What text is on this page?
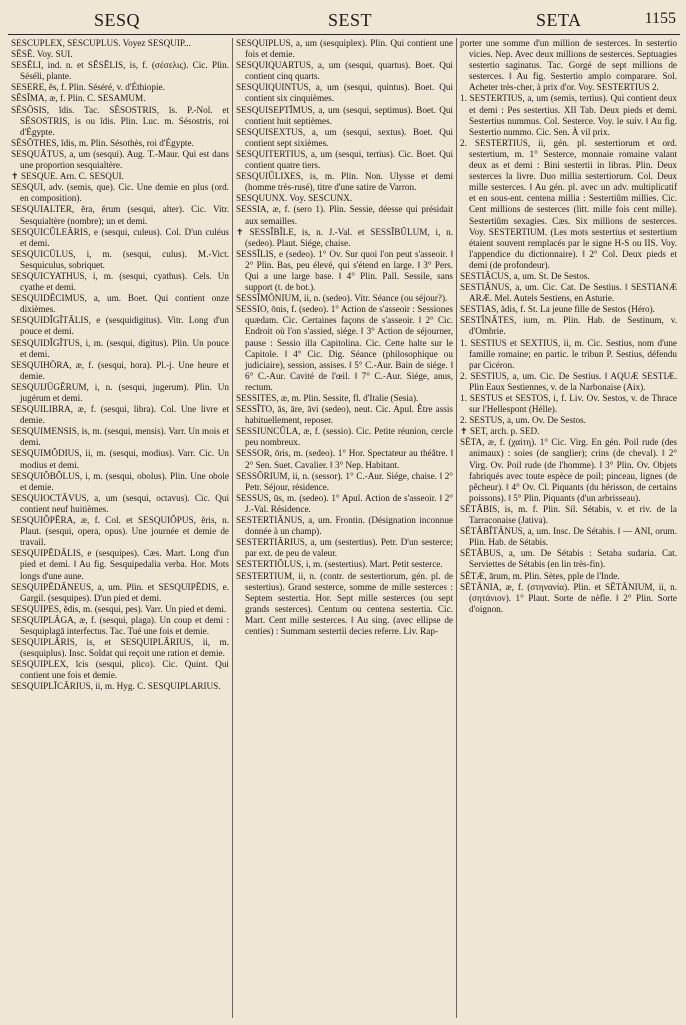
SESQ	SEST	SETA	1155

SESCUPLEX, SESCUPLUS. Voyez SESQUIP...

SĒSĔ. Voy. SUI.

SESĔLI, ind. n. et SĔSĔLIS, is, f. (σέσελις). Cic. Plin. Séséli, plante.

SESERE, ĕs, f. Plin. Séséré, v. d'Éthiopie.

SĒSĬMA, æ, f. Plin. C. SESAMUM.

SĒSŌSIS, ĭdis. Tac. SĒSOSTRIS, ĭs. P.-Nol. et SĒSOSTRIS, is ou ĭdis. Plin. Luc. m. Sésostris, roi d'Égypte.

SĒSŌTHES, ĭdis, m. Plin. Sésothès, roi d'Égypte.

SESQUĀTUS, a, um (sesqui). Aug. T.-Maur. Qui est dans une proportion sesquialtère.

✝ SESQUE. Arn. C. SESQUI.

SESQUI, adv. (semis, que). Cic. Une demie en plus (ord. en composition).

SESQUIALTER, ĕra, ĕrum (sesqui, alter). Cic. Vitr. Sesquialtère (nombre); un et demi.

SESQUICŬLEĀRIS, e (sesqui, culeus). Col. D'un culéus et demi.

SESQUICŪLUS, i, m. (sesqui, culus). M.-Vict. Sesquiculus, sobriquet.

SESQUICYATHUS, i, m. (sesqui, cyathus). Cels. Un cyathe et demi.

SESQUIDĔCIMUS, a, um. Boet. Qui contient onze dixièmes.

SESQUIDĬGĬTĀLIS, e (sesquidigitus). Vitr. Long d'un pouce et demi.

SESQUIDĬGĬTUS, i, m. (sesqui, digitus). Plin. Un pouce et demi.

SESQUIHŌRA, æ, f. (sesqui, hora). Pl.-j. Une heure et demie.

SESQUIJŪGĔRUM, i, n. (sesqui, jugerum). Plin. Un jugérum et demi.

SESQUILIBRA, æ, f. (sesqui, libra). Col. Une livre et demie.

SESQUIMENSIS, is, m. (sesqui, mensis). Varr. Un mois et demi.

SESQUIMŎDIUS, ii, m. (sesqui, modius). Varr. Cic. Un modius et demi.

SESQUIŎBŎLUS, i, m. (sesqui, obolus). Plin. Une obole et demie.

SESQUIOCTĀVUS, a, um (sesqui, octavus). Cic. Qui contient neuf huitièmes.

SESQUIŎPĔRA, æ, f. Col. et SESQUIŎPUS, ĕris, n. Plaut. (sesqui, opera, opus). Une journée et demie de travail.

SESQUIPĔDĀLIS, e (sesquipes). Cæs. Mart. Long d'un pied et demi. ‖ Au fig. Sesquipedalia verba. Hor. Mots longs d'une aune.

SESQUIPĔDĀNEUS, a, um. Plin. et SESQUIPĔDIS, e. Gargil. (sesquipes). D'un pied et demi.

SESQUIPES, ĕdis, m. (sesqui, pes). Varr. Un pied et demi.

SESQUIPLĀGA, æ, f. (sesqui, plaga). Un coup et demi : Sesquiplagā interfectus. Tac. Tué une fois et demie.

SESQUIPLĀRIS, is, et SESQUIPLĀRIUS, ii, m. (sesquiplus). Insc. Soldat qui reçoit une ration et demie.

SESQUIPLEX, ĭcis (sesqui, plico). Cic. Quint. Qui contient une fois et demie.

SESQUIPLĬCĀRIUS, ii, m. Hyg. C. SESQUIPLARIUS.

SESQUIPLUS, a, um (sesquiplex). Plin. Qui contient une fois et demie.

SESQUIQUARTUS, a, um (sesqui, quartus). Boet. Qui contient cinq quarts.

SESQUIQUINTUS, a, um (sesqui, quintus). Boet. Qui contient six cinquièmes.

SESQUISEPTĬMUS, a, um (sesqui, septimus). Boet. Qui contient huit septièmes.

SESQUISEXTUS, a, um (sesqui, sextus). Boet. Qui contient sept sixièmes.

SESQUITERTIUS, a, um (sesqui, tertius). Cic. Boet. Qui contient quatre tiers.

SESQUIŬLIXES, is, m. Plin. Non. Ulysse et demi (homme très-rusé), titre d'une satire de Varron.

SESQUUNX. Voy. SESCUNX.

SESSIA, æ, f. (sero 1). Plin. Sessie, déesse qui présidait aux semailles.

✝ SESSĬBĬLE, is, n. J.-Val. et SESSĬBŬLUM, i, n. (sedeo). Plaut. Siége, chaise.

SESSĬLIS, e (sedeo). 1° Ov. Sur quoi l'on peut s'asseoir. ‖ 2° Plin. Bas, peu élevé, qui s'étend en large. ‖ 3° Pers. Qui a une large base. ‖ 4° Plin. Pall. Sessile, sans support (t. de bot.).

SESSĬMŌNIUM, ii, n. (sedeo). Vitr. Séance (ou séjour?).

SESSIO, ōnis, f. (sedeo). 1° Action de s'asseoir : Sessiones quædam. Cic. Certaines façons de s'asseoir. ‖ 2° Cic. Endroit où l'on s'assied, siége. ‖ 3° Action de séjourner, pause : Sessio illa Capitolina. Cic. Cette halte sur le Capitole. ‖ 4° Cic. Dig. Séance (philosophique ou judiciaire), session, assises. ‖ 5° C.-Aur. Bain de siége. ‖ 6° C.-Aur. Cavité de l'œil. ‖ 7° C.-Aur. Siége, anus, rectum.

SESSITES, æ, m. Plin. Sessite, fl. d'Italie (Sesia).

SESSĬTO, ās, āre, āvi (sedeo), neut. Cic. Apul. Être assis habituellement, reposer.

SESSIUNCŬLA, æ, f. (sessio). Cic. Petite réunion, cercle peu nombreux.

SESSOR, ōris, m. (sedeo). 1° Hor. Spectateur au théâtre. ‖ 2° Sen. Suet. Cavalier. ‖ 3° Nep. Habitant.

SESSŌRIUM, ii, n. (sessor). 1° C.-Aur. Siége, chaise. ‖ 2° Petr. Séjour, résidence.

SESSUS, ūs, m. (sedeo). 1° Apul. Action de s'asseoir. ‖ 2° J.-Val. Résidence.

SESTERTIĀNUS, a, um. Frontin. (Désignation inconnue donnée à un champ).

SESTERTIĀRIUS, a, um (sestertius). Petr. D'un sesterce; par ext. de peu de valeur.

SESTERTIŎLUS, i, m. (sestertius). Mart. Petit sesterce.

SESTERTIUM, ii, n. (contr. de sestertiorum, gén. pl. de sestertius). Grand sesterce, somme de mille sesterces : Septem sestertia. Hor. Sept mille sesterces (ou sept grands sesterces). Centum ou centena sestertia. Cic. Mart. Cent mille sesterces. ‖ Au sing. (avec ellipse de centies) : Summam sestertii decies referre. Liv. Rap-

porter une somme d'un million de sesterces. In sestertio vicies. Nep. Avec deux millions de sesterces. Septuagies sestertio saginatus. Tac. Gorgé de sept millions de sesterces. ‖ Au fig. Sestertio amplo comparare. Sol. Acheter très-cher, à prix d'or. Voy. SESTERTIUS 2.

1. SESTERTIUS, a, um (semis, tertius). Qui contient deux et demi : Pes sestertius. XII Tab. Deux pieds et demi. Sestertius nummus. Col. Sesterce. Voy. le suiv. ‖ Au fig. Sestertio nummo. Cic. Sen. À vil prix.

2. SESTERTIUS, ii, gén. pl. sestertiorum et ord. sestertium, m. 1° Sesterce, monnaie romaine valant deux as et demi : Bini sestertii in libras. Plin. Deux sesterces la livre. Duo millia sestertiorum. Col. Deux mille sesterces. ‖ Au gén. pl. avec un adv. multiplicatif et en sous-ent. centena millia : Sestertiûm millies. Cic. Cent millions de sesterces (litt. mille fois cent mille). Sestertiûm sexagies. Cæs. Six millions de sesterces. Voy. SESTERTIUM. (Les mots sestertius et sestertium étaient souvent remplacés par le signe H-S ou IIS. Voy. l'appendice du dictionnaire). ‖ 2° Col. Deux pieds et demi (de profondeur).

SESTIĀCUS, a, um. St. De Sestos.

SESTIĀNUS, a, um. Cic. Cat. De Sestius. ‖ SESTIANÆ ARÆ. Mel. Autels Sestiens, en Asturie.

SESTIAS, ădis, f. St. La jeune fille de Sestos (Héro).

SESTĪNĀTES, ium, m. Plin. Hab. de Sestinum, v. d'Ombrie.

1. SESTIUS et SEXTIUS, ii, m. Cic. Sestius, nom d'une famille romaine; en partic. le tribun P. Sestius, défendu par Cicéron.

2. SESTIUS, a, um. Cic. De Sestius. ‖ AQUÆ SESTIÆ. Plin Eaux Sestiennes, v. de la Narbonaise (Aix).

1. SESTUS et SESTOS, i, f. Liv. Ov. Sestos, v. de Thrace sur l'Hellespont (Hélle).

2. SESTUS, a, um. Ov. De Sestos.

✝ SET, arch. p. SED.

SĒTA, æ, f. (χαίτη). 1° Cic. Virg. En gén. Poil rude (des animaux) : soies (de sanglier); crins (de cheval). ‖ 2° Virg. Ov. Poil rude (de l'homme). ‖ 3° Plin. Ov. Objets fabriqués avec toute espèce de poil; pinceau, lignes (de pêcheur). ‖ 4° Ov. Cl. Piquants (du hérisson, de certains poissons). ‖ 5° Plin. Piquants (d'un arbrisseau).

SĒTĂBIS, is, m. f. Plin. Sil. Sétabis, v. et riv. de la Tarraconaise (Jativa).

SĒTĂBĬTĀNUS, a, um. Insc. De Sétabis. ‖ — ANI, orum. Plin. Hab. de Sétabis.

SĒTĂBUS, a, um. De Sétabis : Setaba sudaria. Cat. Serviettes de Sétabis (en lin très-fin).

SĒTÆ, ārum, m. Plin. Sètes, pple de l'Inde.

SĒTĀNIA, æ, f. (στηνανία). Plin. et SĒTĀNIUM, ii, n. (σητάνιον). 1° Plaut. Sorte de nèfle. ‖ 2° Plin. Sorte d'oignon.
